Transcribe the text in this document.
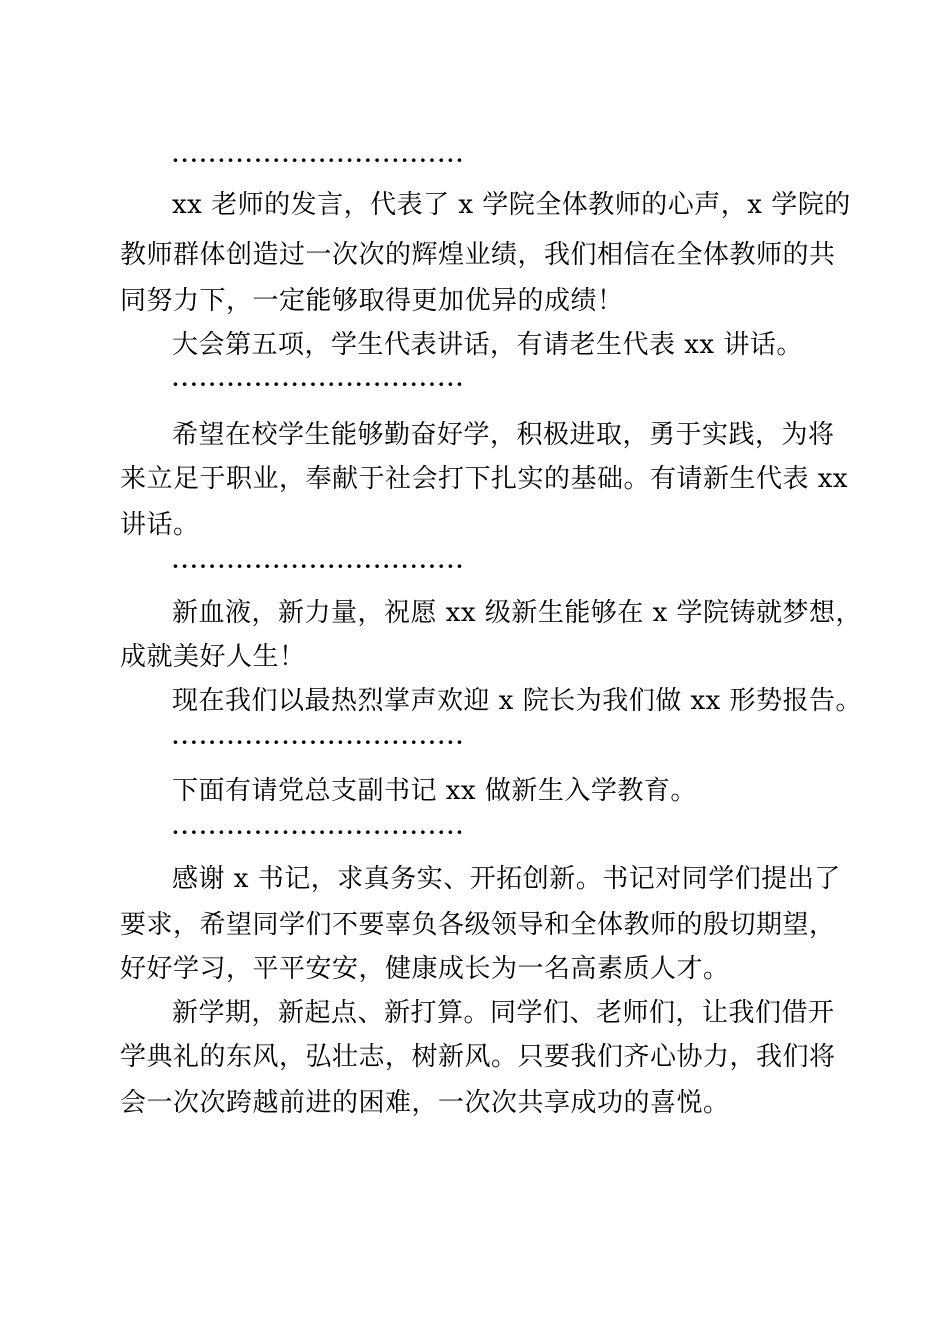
································
xx 老师的发言，代表了 x 学院全体教师的心声，x 学院的
教师群体创造过一次次的辉煌业绩，我们相信在全体教师的共
同努力下，一定能够取得更加优异的成绩！
大会第五项，学生代表讲话，有请老生代表 xx 讲话。
································
希望在校学生能够勤奋好学，积极进取，勇于实践，为将
来立足于职业，奉献于社会打下扎实的基础。有请新生代表 xx
讲话。
································
新血液，新力量，祝愿 xx 级新生能够在 x 学院铸就梦想，
成就美好人生！
现在我们以最热烈掌声欢迎 x 院长为我们做 xx 形势报告。
································
下面有请党总支副书记 xx 做新生入学教育。
································
感谢 x 书记，求真务实、开拓创新。书记对同学们提出了
要求，希望同学们不要辜负各级领导和全体教师的殷切期望，
好好学习，平平安安，健康成长为一名高素质人才。
新学期，新起点、新打算。同学们、老师们，让我们借开
学典礼的东风，弘壮志，树新风。只要我们齐心协力，我们将
会一次次跨越前进的困难，一次次共享成功的喜悦。
